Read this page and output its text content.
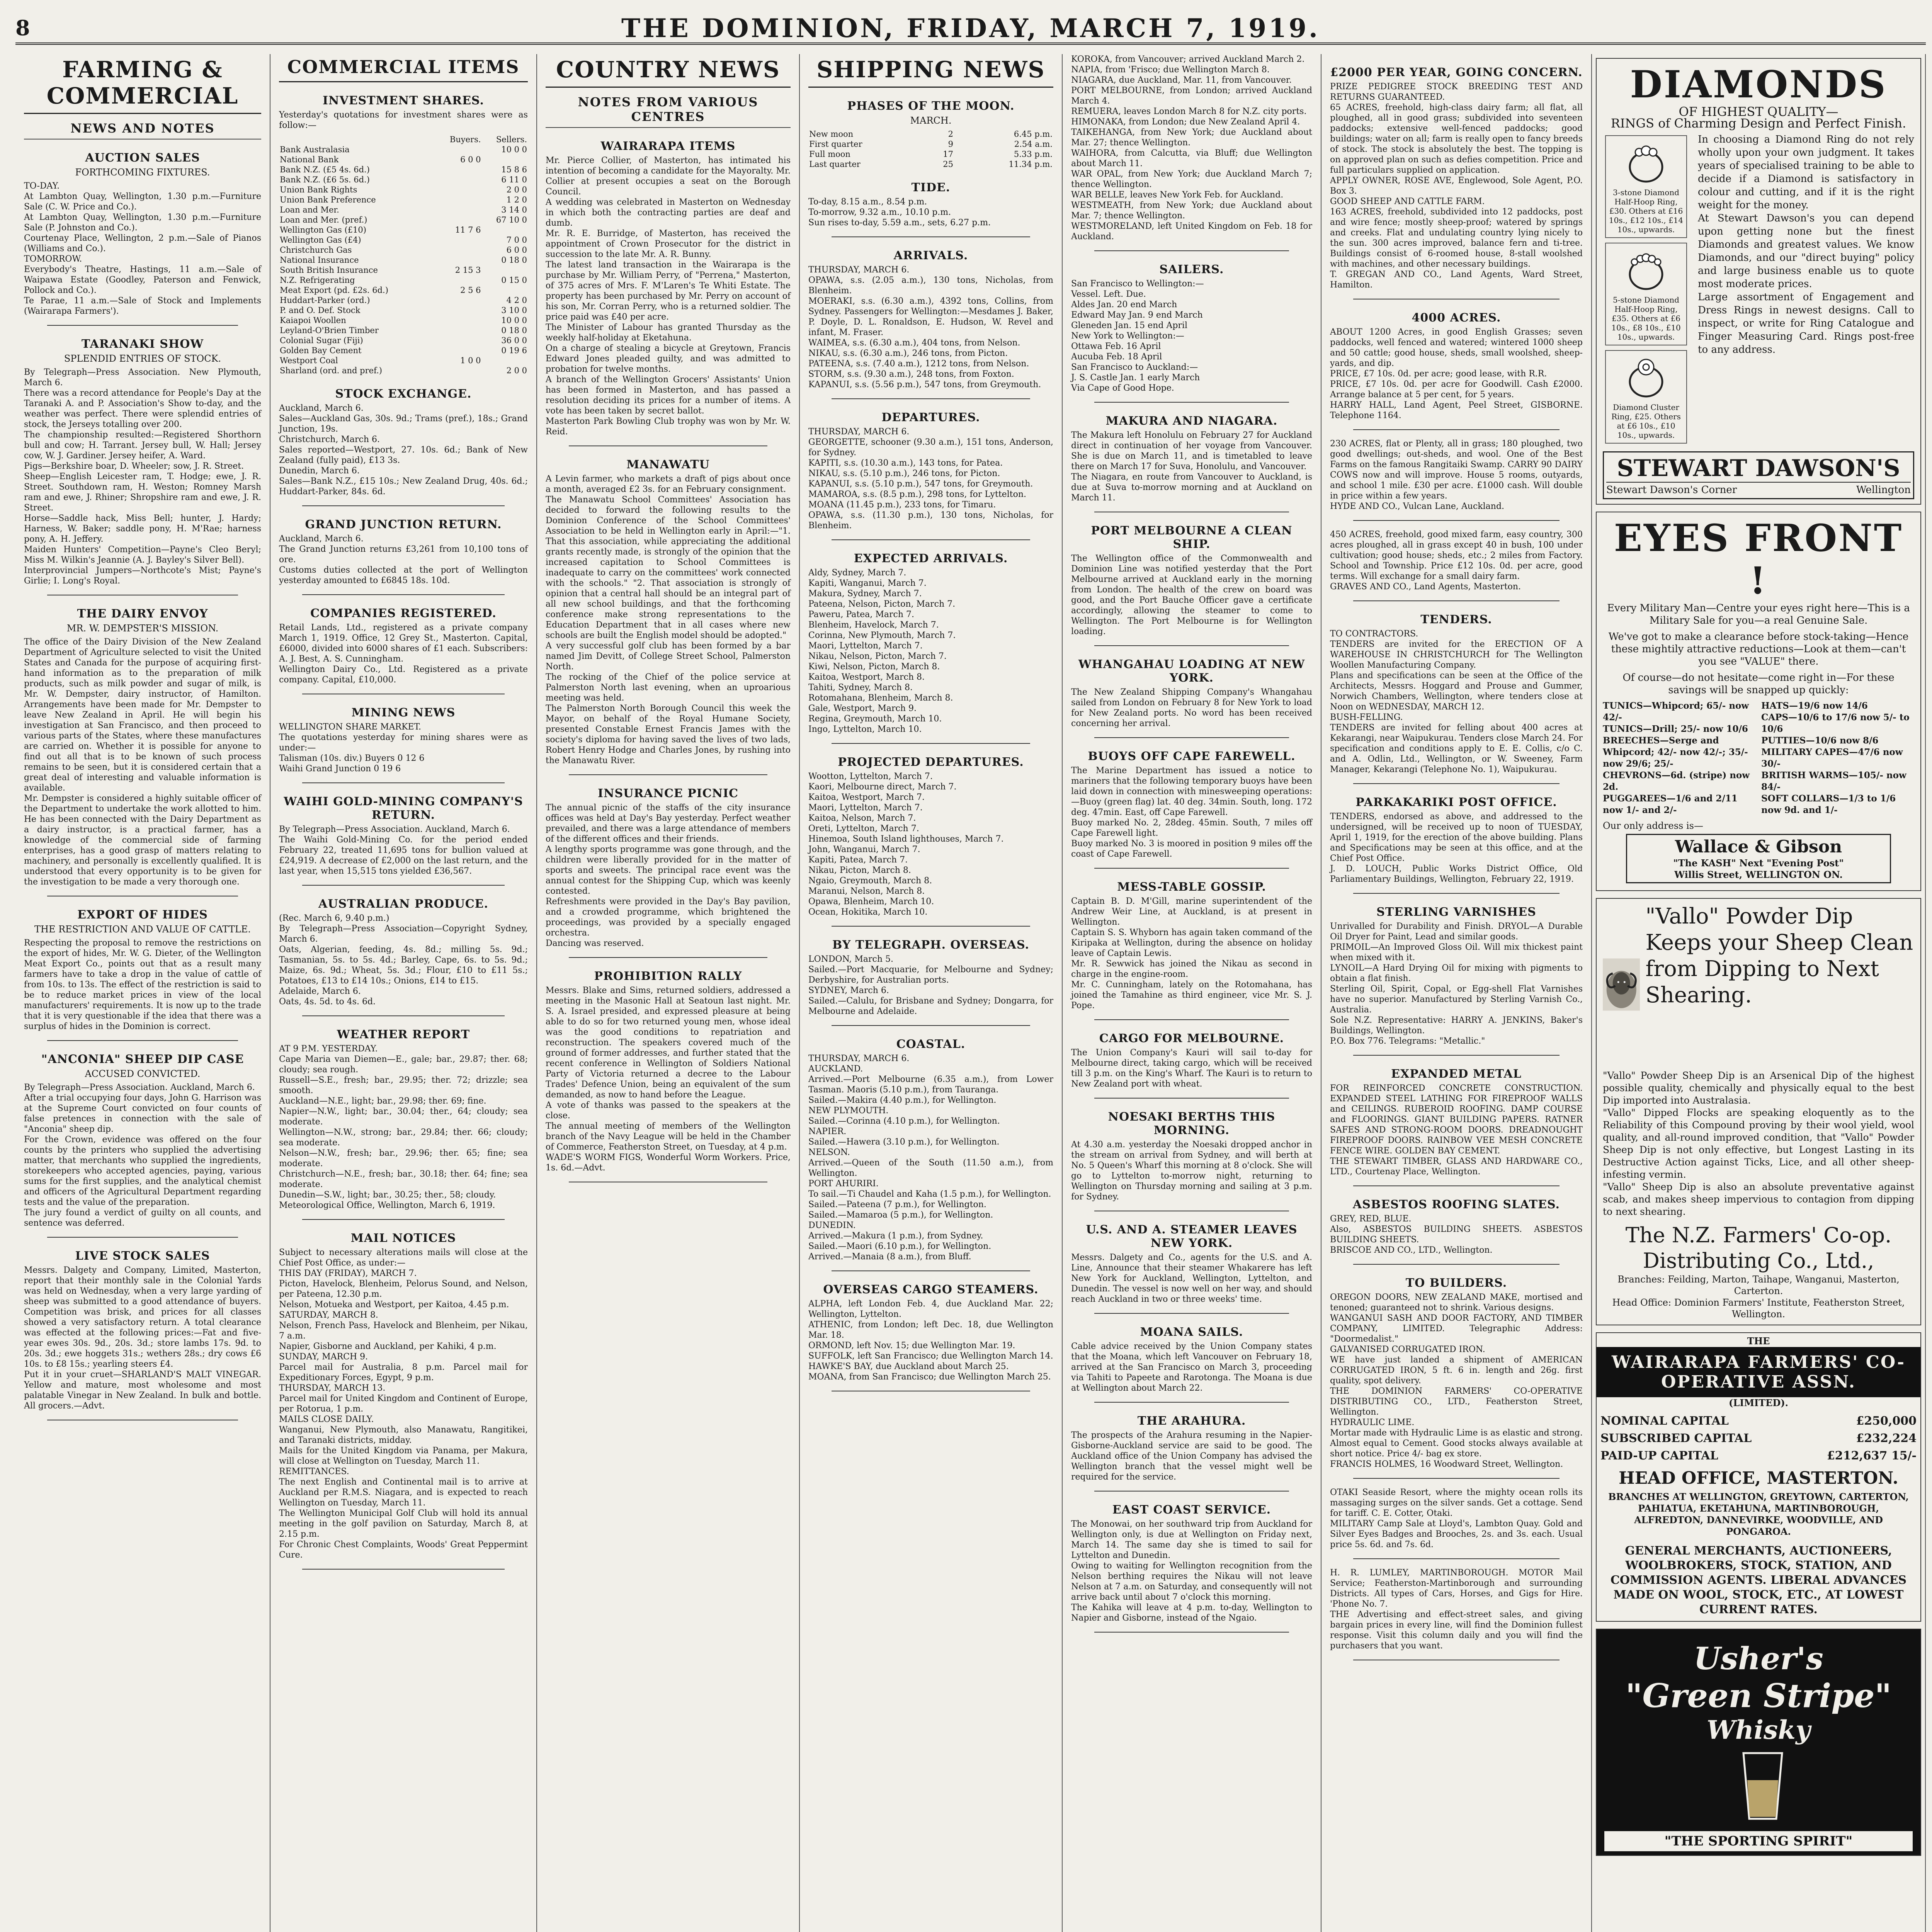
8	THE DOMINION, FRIDAY, MARCH 7, 1919.
FARMING & COMMERCIAL
NEWS AND NOTES
AUCTION SALES
FORTHCOMING FIXTURES.

TO-DAY.
At Lambton Quay, Wellington, 1.30 p.m.—Furniture Sale (C. W. Price and Co.).
At Lambton Quay, Wellington, 1.30 p.m.—Furniture Sale (P. Johnston and Co.).
Courtenay Place, Wellington, 2 p.m.—Sale of Pianos (Williams and Co.).
TOMORROW.
Everybody's Theatre, Hastings, 11 a.m.—Sale of Waipawa Estate (Goodley, Paterson and Fenwick, Pollock and Co.).
Te Parae, 11 a.m.—Sale of Stock and Implements (Wairarapa Farmers').

TARANAKI SHOW
SPLENDID ENTRIES OF STOCK.

By Telegraph—Press Association. New Plymouth, March 6.
There was a record attendance for People's Day at the Taranaki A. and P. Association's Show to-day, and the weather was perfect. There were splendid entries of stock, the Jerseys totalling over 200.
The championship resulted:—Registered Shorthorn bull and cow; H. Tarrant. Jersey bull, W. Hall; Jersey cow, W. J. Gardiner. Jersey heifer, A. Ward.
Pigs—Berkshire boar, D. Wheeler; sow, J. R. Street.
Sheep—English Leicester ram, T. Hodge; ewe, J. R. Street. Southdown ram, H. Weston; Romney Marsh ram and ewe, J. Rhiner; Shropshire ram and ewe, J. R. Street.
Horse—Saddle hack, Miss Bell; hunter, J. Hardy; Harness, W. Baker; saddle pony, H. M'Rae; harness pony, A. H. Jeffery.
Maiden Hunters' Competition—Payne's Cleo Beryl; Miss M. Wilkin's Jeannie (A. J. Bayley's Silver Bell).
Interprovincial Jumpers—Northcote's Mist; Payne's Girlie; I. Long's Royal.

THE DAIRY ENVOY
MR. W. DEMPSTER'S MISSION.

The office of the Dairy Division of the New Zealand Department of Agriculture selected to visit the United States and Canada for the purpose of acquiring first-hand information as to the preparation of milk products, such as milk powder and sugar of milk, is Mr. W. Dempster, dairy instructor, of Hamilton. Arrangements have been made for Mr. Dempster to leave New Zealand in April. He will begin his investigation at San Francisco, and then proceed to various parts of the States, where these manufactures are carried on. Whether it is possible for anyone to find out all that is to be known of such process remains to be seen, but it is considered certain that a great deal of interesting and valuable information is available.
Mr. Dempster is considered a highly suitable officer of the Department to undertake the work allotted to him. He has been connected with the Dairy Department as a dairy instructor, is a practical farmer, has a knowledge of the commercial side of farming enterprises, has a good grasp of matters relating to machinery, and personally is excellently qualified. It is understood that every opportunity is to be given for the investigation to be made a very thorough one.

EXPORT OF HIDES
THE RESTRICTION AND VALUE OF CATTLE.

Respecting the proposal to remove the restrictions on the export of hides, Mr. W. G. Dieter, of the Wellington Meat Export Co., points out that as a result many farmers have to take a drop in the value of cattle of from 10s. to 13s. The effect of the restriction is said to be to reduce market prices in view of the local manufacturers' requirements. It is now up to the trade that it is very questionable if the idea that there was a surplus of hides in the Dominion is correct.

"ANCONIA" SHEEP DIP CASE
ACCUSED CONVICTED.

By Telegraph—Press Association. Auckland, March 6.
After a trial occupying four days, John G. Harrison was at the Supreme Court convicted on four counts of false pretences in connection with the sale of "Anconia" sheep dip.
For the Crown, evidence was offered on the four counts by the printers who supplied the advertising matter, that merchants who supplied the ingredients, storekeepers who accepted agencies, paying, various sums for the first supplies, and the analytical chemist and officers of the Agricultural Department regarding tests and the value of the preparation.
The jury found a verdict of guilty on all counts, and sentence was deferred.

LIVE STOCK SALES

Messrs. Dalgety and Company, Limited, Masterton, report that their monthly sale in the Colonial Yards was held on Wednesday, when a very large yarding of sheep was submitted to a good attendance of buyers. Competition was brisk, and prices for all classes showed a very satisfactory return. A total clearance was effected at the following prices:—Fat and five-year ewes 30s. 9d., 20s. 3d.; store lambs 17s. 9d. to 20s. 3d.; ewe hoggets 31s.; wethers 28s.; dry cows £6 10s. to £8 15s.; yearling steers £4.
Put it in your cruet—SHARLAND'S MALT VINEGAR. Yellow and mature, most wholesome and most palatable Vinegar in New Zealand. In bulk and bottle. All grocers.—Advt.

COMMERCIAL ITEMS
INVESTMENT SHARES.

Yesterday's quotations for investment shares were as follow:—

	Buyers.	Sellers.
Bank Australasia		10 0 0
National Bank	6 0 0	
Bank N.Z. (£5 4s. 6d.)		15 8 6
Bank N.Z. (£6 5s. 6d.)		6 11 0
Union Bank Rights		2 0 0
Union Bank Preference		1 2 0
Loan and Mer.		3 14 0
Loan and Mer. (pref.)		67 10 0
Wellington Gas (£10)	11 7 6	
Wellington Gas (£4)		7 0 0
Christchurch Gas		6 0 0
National Insurance		0 18 0
South British Insurance	2 15 3	
N.Z. Refrigerating		0 15 0
Meat Export (pd. £2s. 6d.)	2 5 6	
Huddart-Parker (ord.)		4 2 0
P. and O. Def. Stock		3 10 0
Kaiapoi Woollen		10 0 0
Leyland-O'Brien Timber		0 18 0
Colonial Sugar (Fiji)		36 0 0
Golden Bay Cement		0 19 6
Westport Coal	1 0 0	
Sharland (ord. and pref.)		2 0 0
STOCK EXCHANGE.

Auckland, March 6.
Sales—Auckland Gas, 30s. 9d.; Trams (pref.), 18s.; Grand Junction, 19s.
Christchurch, March 6.
Sales reported—Westport, 27. 10s. 6d.; Bank of New Zealand (fully paid), £13 3s.
Dunedin, March 6.
Sales—Bank N.Z., £15 10s.; New Zealand Drug, 40s. 6d.; Huddart-Parker, 84s. 6d.

GRAND JUNCTION RETURN.

Auckland, March 6.
The Grand Junction returns £3,261 from 10,100 tons of ore.
Customs duties collected at the port of Wellington yesterday amounted to £6845 18s. 10d.

COMPANIES REGISTERED.

Retail Lands, Ltd., registered as a private company March 1, 1919. Office, 12 Grey St., Masterton. Capital, £6000, divided into 6000 shares of £1 each. Subscribers: A. J. Best, A. S. Cunningham.
Wellington Dairy Co., Ltd. Registered as a private company. Capital, £10,000.

MINING NEWS

WELLINGTON SHARE MARKET.
The quotations yesterday for mining shares were as under:—
Talisman (10s. div.) Buyers 0 12 6
Waihi Grand Junction 0 19 6

WAIHI GOLD-MINING COMPANY'S RETURN.

By Telegraph—Press Association. Auckland, March 6.
The Waihi Gold-Mining Co. for the period ended February 22, treated 11,695 tons for bullion valued at £24,919. A decrease of £2,000 on the last return, and the last year, when 15,515 tons yielded £36,567.

AUSTRALIAN PRODUCE.

(Rec. March 6, 9.40 p.m.)
By Telegraph—Press Association—Copyright Sydney, March 6.
Oats, Algerian, feeding, 4s. 8d.; milling 5s. 9d.; Tasmanian, 5s. to 5s. 4d.; Barley, Cape, 6s. to 5s. 9d.; Maize, 6s. 9d.; Wheat, 5s. 3d.; Flour, £10 to £11 5s.; Potatoes, £13 to £14 10s.; Onions, £14 to £15.
Adelaide, March 6.
Oats, 4s. 5d. to 4s. 6d.

WEATHER REPORT

AT 9 P.M. YESTERDAY.
Cape Maria van Diemen—E., gale; bar., 29.87; ther. 68; cloudy; sea rough.
Russell—S.E., fresh; bar., 29.95; ther. 72; drizzle; sea smooth.
Auckland—N.E., light; bar., 29.98; ther. 69; fine.
Napier—N.W., light; bar., 30.04; ther., 64; cloudy; sea moderate.
Wellington—N.W., strong; bar., 29.84; ther. 66; cloudy; sea moderate.
Nelson—N.W., fresh; bar., 29.96; ther. 65; fine; sea moderate.
Christchurch—N.E., fresh; bar., 30.18; ther. 64; fine; sea moderate.
Dunedin—S.W., light; bar., 30.25; ther., 58; cloudy.
Meteorological Office, Wellington, March 6, 1919.

MAIL NOTICES

Subject to necessary alterations mails will close at the Chief Post Office, as under:—
THIS DAY (FRIDAY), MARCH 7.
Picton, Havelock, Blenheim, Pelorus Sound, and Nelson, per Pateena, 12.30 p.m.
Nelson, Motueka and Westport, per Kaitoa, 4.45 p.m.
SATURDAY, MARCH 8.
Nelson, French Pass, Havelock and Blenheim, per Nikau, 7 a.m.
Napier, Gisborne and Auckland, per Kahiki, 4 p.m.
SUNDAY, MARCH 9.
Parcel mail for Australia, 8 p.m. Parcel mail for Expeditionary Forces, Egypt, 9 p.m.
THURSDAY, MARCH 13.
Parcel mail for United Kingdom and Continent of Europe, per Rotorua, 1 p.m.
MAILS CLOSE DAILY.
Wanganui, New Plymouth, also Manawatu, Rangitikei, and Taranaki districts, midday.
Mails for the United Kingdom via Panama, per Makura, will close at Wellington on Tuesday, March 11.
REMITTANCES.
The next English and Continental mail is to arrive at Auckland per R.M.S. Niagara, and is expected to reach Wellington on Tuesday, March 11.
The Wellington Municipal Golf Club will hold its annual meeting in the golf pavilion on Saturday, March 8, at 2.15 p.m.
For Chronic Chest Complaints, Woods' Great Peppermint Cure.

COUNTRY NEWS
NOTES FROM VARIOUS CENTRES
WAIRARAPA ITEMS

Mr. Pierce Collier, of Masterton, has intimated his intention of becoming a candidate for the Mayoralty. Mr. Collier at present occupies a seat on the Borough Council.
A wedding was celebrated in Masterton on Wednesday in which both the contracting parties are deaf and dumb.
Mr. R. E. Burridge, of Masterton, has received the appointment of Crown Prosecutor for the district in succession to the late Mr. A. R. Bunny.
The latest land transaction in the Wairarapa is the purchase by Mr. William Perry, of "Perrena," Masterton, of 375 acres of Mrs. F. M'Laren's Te Whiti Estate. The property has been purchased by Mr. Perry on account of his son, Mr. Corran Perry, who is a returned soldier. The price paid was £40 per acre.
The Minister of Labour has granted Thursday as the weekly half-holiday at Eketahuna.
On a charge of stealing a bicycle at Greytown, Francis Edward Jones pleaded guilty, and was admitted to probation for twelve months.
A branch of the Wellington Grocers' Assistants' Union has been formed in Masterton, and has passed a resolution deciding its prices for a number of items. A vote has been taken by secret ballot.
Masterton Park Bowling Club trophy was won by Mr. W. Reid.

MANAWATU

A Levin farmer, who markets a draft of pigs about once a month, averaged £2 3s. for an February consignment.
The Manawatu School Committees' Association has decided to forward the following results to the Dominion Conference of the School Committees' Association to be held in Wellington early in April:—"1. That this association, while appreciating the additional grants recently made, is strongly of the opinion that the increased capitation to School Committees is inadequate to carry on the committees' work connected with the schools." "2. That association is strongly of opinion that a central hall should be an integral part of all new school buildings, and that the forthcoming conference make strong representations to the Education Department that in all cases where new schools are built the English model should be adopted."
A very successful golf club has been formed by a bar named Jim Devitt, of College Street School, Palmerston North.
The rocking of the Chief of the police service at Palmerston North last evening, when an uproarious meeting was held.
The Palmerston North Borough Council this week the Mayor, on behalf of the Royal Humane Society, presented Constable Ernest Francis James with the society's diploma for having saved the lives of two lads, Robert Henry Hodge and Charles Jones, by rushing into the Manawatu River.

INSURANCE PICNIC

The annual picnic of the staffs of the city insurance offices was held at Day's Bay yesterday. Perfect weather prevailed, and there was a large attendance of members of the different offices and their friends.
A lengthy sports programme was gone through, and the children were liberally provided for in the matter of sports and sweets. The principal race event was the annual contest for the Shipping Cup, which was keenly contested.
Refreshments were provided in the Day's Bay pavilion, and a crowded programme, which brightened the proceedings, was provided by a specially engaged orchestra.
Dancing was reserved.

PROHIBITION RALLY

Messrs. Blake and Sims, returned soldiers, addressed a meeting in the Masonic Hall at Seatoun last night. Mr. S. A. Israel presided, and expressed pleasure at being able to do so for two returned young men, whose ideal was the good conditions to repatriation and reconstruction. The speakers covered much of the ground of former addresses, and further stated that the recent conference in Wellington of Soldiers National Party of Victoria returned a decree to the Labour Trades' Defence Union, being an equivalent of the sum demanded, as now to hand before the League.
A vote of thanks was passed to the speakers at the close.
The annual meeting of members of the Wellington branch of the Navy League will be held in the Chamber of Commerce, Featherston Street, on Tuesday, at 4 p.m.
WADE'S WORM FIGS, Wonderful Worm Workers. Price, 1s. 6d.—Advt.

SHIPPING NEWS
PHASES OF THE MOON.
MARCH.
New moon	2	6.45 p.m.
First quarter	9	2.54 a.m.
Full moon	17	5.33 p.m.
Last quarter	25	11.34 p.m.
TIDE.

To-day, 8.15 a.m., 8.54 p.m.
To-morrow, 9.32 a.m., 10.10 p.m.
Sun rises to-day, 5.59 a.m., sets, 6.27 p.m.

ARRIVALS.

THURSDAY, MARCH 6.
OPAWA, s.s. (2.05 a.m.), 130 tons, Nicholas, from Blenheim.
MOERAKI, s.s. (6.30 a.m.), 4392 tons, Collins, from Sydney. Passengers for Wellington:—Mesdames J. Baker, P. Doyle, D. L. Ronaldson, E. Hudson, W. Revel and infant, M. Fraser.
WAIMEA, s.s. (6.30 a.m.), 404 tons, from Nelson.
NIKAU, s.s. (6.30 a.m.), 246 tons, from Picton.
PATEENA, s.s. (7.40 a.m.), 1212 tons, from Nelson.
STORM, s.s. (9.30 a.m.), 248 tons, from Foxton.
KAPANUI, s.s. (5.56 p.m.), 547 tons, from Greymouth.

DEPARTURES.

THURSDAY, MARCH 6.
GEORGETTE, schooner (9.30 a.m.), 151 tons, Anderson, for Sydney.
KAPITI, s.s. (10.30 a.m.), 143 tons, for Patea.
NIKAU, s.s. (5.10 p.m.), 246 tons, for Picton.
KAPANUI, s.s. (5.10 p.m.), 547 tons, for Greymouth.
MAMAROA, s.s. (8.5 p.m.), 298 tons, for Lyttelton.
MOANA (11.45 p.m.), 233 tons, for Timaru.
OPAWA, s.s. (11.30 p.m.), 130 tons, Nicholas, for Blenheim.

EXPECTED ARRIVALS.

Aldy, Sydney, March 7.
Kapiti, Wanganui, March 7.
Makura, Sydney, March 7.
Pateena, Nelson, Picton, March 7.
Paweru, Patea, March 7.
Blenheim, Havelock, March 7.
Corinna, New Plymouth, March 7.
Maori, Lyttelton, March 7.
Nikau, Nelson, Picton, March 7.
Kiwi, Nelson, Picton, March 8.
Kaitoa, Westport, March 8.
Tahiti, Sydney, March 8.
Rotomahana, Blenheim, March 8.
Gale, Westport, March 9.
Regina, Greymouth, March 10.
Ingo, Lyttelton, March 10.

PROJECTED DEPARTURES.

Wootton, Lyttelton, March 7.
Kaori, Melbourne direct, March 7.
Kaitoa, Westport, March 7.
Maori, Lyttelton, March 7.
Kaitoa, Nelson, March 7.
Oreti, Lyttelton, March 7.
Hinemoa, South Island lighthouses, March 7.
John, Wanganui, March 7.
Kapiti, Patea, March 7.
Nikau, Picton, March 8.
Ngaio, Greymouth, March 8.
Maranui, Nelson, March 8.
Opawa, Blenheim, March 10.
Ocean, Hokitika, March 10.

BY TELEGRAPH. OVERSEAS.

LONDON, March 5.
Sailed.—Port Macquarie, for Melbourne and Sydney; Derbyshire, for Australian ports.
SYDNEY, March 6.
Sailed.—Calulu, for Brisbane and Sydney; Dongarra, for Melbourne and Adelaide.

COASTAL.

THURSDAY, MARCH 6.
AUCKLAND.
Arrived.—Port Melbourne (6.35 a.m.), from Lower Tasman. Maoris (5.10 p.m.), from Tauranga.
Sailed.—Makira (4.40 p.m.), for Wellington.
NEW PLYMOUTH.
Sailed.—Corinna (4.10 p.m.), for Wellington.
NAPIER.
Sailed.—Hawera (3.10 p.m.), for Wellington.
NELSON.
Arrived.—Queen of the South (11.50 a.m.), from Wellington.
PORT AHURIRI.
To sail.—Ti Chaudel and Kaha (1.5 p.m.), for Wellington.
Sailed.—Pateena (7 p.m.), for Wellington.
Sailed.—Mamaroa (5 p.m.), for Wellington.
DUNEDIN.
Arrived.—Makura (1 p.m.), from Sydney.
Sailed.—Maori (6.10 p.m.), for Wellington.
Arrived.—Manaia (8 a.m.), from Bluff.

OVERSEAS CARGO STEAMERS.

ALPHA, left London Feb. 4, due Auckland Mar. 22; Wellington, Lyttelton.
ATHENIC, from London; left Dec. 18, due Wellington Mar. 18.
ORMOND, left Nov. 15; due Wellington Mar. 19.
SUFFOLK, left San Francisco; due Wellington March 14.
HAWKE'S BAY, due Auckland about March 25.
MOANA, from San Francisco; due Wellington March 25.

KOROKA, from Vancouver; arrived Auckland March 2.
NAPIA, from 'Frisco; due Wellington March 8.
NIAGARA, due Auckland, Mar. 11, from Vancouver.
PORT MELBOURNE, from London; arrived Auckland March 4.
REMUERA, leaves London March 8 for N.Z. city ports.
HIMONAKA, from London; due New Zealand April 4.
TAIKEHANGA, from New York; due Auckland about Mar. 27; thence Wellington.
WAIHORA, from Calcutta, via Bluff; due Wellington about March 11.
WAR OPAL, from New York; due Auckland March 7; thence Wellington.
WAR BELLE, leaves New York Feb. for Auckland.
WESTMEATH, from New York; due Auckland about Mar. 7; thence Wellington.
WESTMORELAND, left United Kingdom on Feb. 18 for Auckland.

SAILERS.

San Francisco to Wellington:—
Vessel. Left. Due.
Aldes Jan. 20 end March
Edward May Jan. 9 end March
Gleneden Jan. 15 end April
New York to Wellington:—
Ottawa Feb. 16 April
Aucuba Feb. 18 April
San Francisco to Auckland:—
J. S. Castle Jan. 1 early March
Via Cape of Good Hope.

MAKURA AND NIAGARA.

The Makura left Honolulu on February 27 for Auckland direct in continuation of her voyage from Vancouver. She is due on March 11, and is timetabled to leave there on March 17 for Suva, Honolulu, and Vancouver.
The Niagara, en route from Vancouver to Auckland, is due at Suva to-morrow morning and at Auckland on March 11.

PORT MELBOURNE A CLEAN SHIP.

The Wellington office of the Commonwealth and Dominion Line was notified yesterday that the Port Melbourne arrived at Auckland early in the morning from London. The health of the crew on board was good, and the Port Bauche Officer gave a certificate accordingly, allowing the steamer to come to Wellington. The Port Melbourne is for Wellington loading.

WHANGAHAU LOADING AT NEW YORK.

The New Zealand Shipping Company's Whangahau sailed from London on February 8 for New York to load for New Zealand ports. No word has been received concerning her arrival.

BUOYS OFF CAPE FAREWELL.

The Marine Department has issued a notice to mariners that the following temporary buoys have been laid down in connection with minesweeping operations:—Buoy (green flag) lat. 40 deg. 34min. South, long. 172 deg. 47min. East, off Cape Farewell.
Buoy marked No. 2, 28deg. 45min. South, 7 miles off Cape Farewell light.
Buoy marked No. 3 is moored in position 9 miles off the coast of Cape Farewell.

MESS-TABLE GOSSIP.

Captain B. D. M'Gill, marine superintendent of the Andrew Weir Line, at Auckland, is at present in Wellington.
Captain S. S. Whyborn has again taken command of the Kiripaka at Wellington, during the absence on holiday leave of Captain Lewis.
Mr. R. Sewwick has joined the Nikau as second in charge in the engine-room.
Mr. C. Cunningham, lately on the Rotomahana, has joined the Tamahine as third engineer, vice Mr. S. J. Pope.

CARGO FOR MELBOURNE.

The Union Company's Kauri will sail to-day for Melbourne direct, taking cargo, which will be received till 3 p.m. on the King's Wharf. The Kauri is to return to New Zealand port with wheat.

NOESAKI BERTHS THIS MORNING.

At 4.30 a.m. yesterday the Noesaki dropped anchor in the stream on arrival from Sydney, and will berth at No. 5 Queen's Wharf this morning at 8 o'clock. She will go to Lyttelton to-morrow night, returning to Wellington on Thursday morning and sailing at 3 p.m. for Sydney.

U.S. AND A. STEAMER LEAVES NEW YORK.

Messrs. Dalgety and Co., agents for the U.S. and A. Line, Announce that their steamer Whakarere has left New York for Auckland, Wellington, Lyttelton, and Dunedin. The vessel is now well on her way, and should reach Auckland in two or three weeks' time.

MOANA SAILS.

Cable advice received by the Union Company states that the Moana, which left Vancouver on February 18, arrived at the San Francisco on March 3, proceeding via Tahiti to Papeete and Rarotonga. The Moana is due at Wellington about March 22.

THE ARAHURA.

The prospects of the Arahura resuming in the Napier-Gisborne-Auckland service are said to be good. The Auckland office of the Union Company has advised the Wellington branch that the vessel might well be required for the service.

EAST COAST SERVICE.

The Monowai, on her southward trip from Auckland for Wellington only, is due at Wellington on Friday next, March 14. The same day she is timed to sail for Lyttelton and Dunedin.
Owing to waiting for Wellington recognition from the Nelson berthing requires the Nikau will not leave Nelson at 7 a.m. on Saturday, and consequently will not arrive back until about 7 o'clock this morning.
The Kahika will leave at 4 p.m. to-day, Wellington to Napier and Gisborne, instead of the Ngaio.

£2000 PER YEAR, GOING CONCERN.

PRIZE PEDIGREE STOCK BREEDING TEST AND RETURNS GUARANTEED.
65 ACRES, freehold, high-class dairy farm; all flat, all ploughed, all in good grass; subdivided into seventeen paddocks; extensive well-fenced paddocks; good buildings; water on all; farm is really open to fancy breeds of stock. The stock is absolutely the best. The topping is on approved plan on such as defies competition. Price and full particulars supplied on application.
APPLY OWNER, ROSE AVE, Englewood, Sole Agent, P.O. Box 3.
GOOD SHEEP AND CATTLE FARM.
163 ACRES, freehold, subdivided into 12 paddocks, post and wire fence; mostly sheep-proof; watered by springs and creeks. Flat and undulating country lying nicely to the sun. 300 acres improved, balance fern and ti-tree. Buildings consist of 6-roomed house, 8-stall woolshed with machines, and other necessary buildings.
T. GREGAN AND CO., Land Agents, Ward Street, Hamilton.

4000 ACRES.

ABOUT 1200 Acres, in good English Grasses; seven paddocks, well fenced and watered; wintered 1000 sheep and 50 cattle; good house, sheds, small woolshed, sheep-yards, and dip.
PRICE, £7 10s. 0d. per acre; good lease, with R.R.
PRICE, £7 10s. 0d. per acre for Goodwill. Cash £2000. Arrange balance at 5 per cent, for 5 years.
HARRY HALL, Land Agent, Peel Street, GISBORNE. Telephone 1164.

230 ACRES, flat or Plenty, all in grass; 180 ploughed, two good dwellings; out-sheds, and wool. One of the Best Farms on the famous Rangitaiki Swamp. CARRY 90 DAIRY COWS now and will improve. House 5 rooms, outyards, and school 1 mile. £30 per acre. £1000 cash. Will double in price within a few years.
HYDE AND CO., Vulcan Lane, Auckland.

450 ACRES, freehold, good mixed farm, easy country, 300 acres ploughed, all in grass except 40 in bush, 100 under cultivation; good house; sheds, etc.; 2 miles from Factory. School and Township. Price £12 10s. 0d. per acre, good terms. Will exchange for a small dairy farm.
GRAVES AND CO., Land Agents, Masterton.

TENDERS.

TO CONTRACTORS.
TENDERS are invited for the ERECTION OF A WAREHOUSE IN CHRISTCHURCH for The Wellington Woollen Manufacturing Company.
Plans and specifications can be seen at the Office of the Architects, Messrs. Hoggard and Prouse and Gummer, Norwich Chambers, Wellington, where tenders close at Noon on WEDNESDAY, MARCH 12.
BUSH-FELLING.
TENDERS are invited for felling about 400 acres at Kekarangi, near Waipukurau. Tenders close March 24. For specification and conditions apply to E. E. Collis, c/o C. and A. Odlin, Ltd., Wellington, or W. Sweeney, Farm Manager, Kekarangi (Telephone No. 1), Waipukurau.

PARKAKARIKI POST OFFICE.

TENDERS, endorsed as above, and addressed to the undersigned, will be received up to noon of TUESDAY, April 1, 1919, for the erection of the above building. Plans and Specifications may be seen at this office, and at the Chief Post Office.
J. D. LOUCH, Public Works District Office, Old Parliamentary Buildings, Wellington, February 22, 1919.

STERLING VARNISHES

Unrivalled for Durability and Finish. DRYOL—A Durable Oil Dryer for Paint, Lead and similar goods.
PRIMOIL—An Improved Gloss Oil. Will mix thickest paint when mixed with it.
LYNOIL—A Hard Drying Oil for mixing with pigments to obtain a flat finish.
Sterling Oil, Spirit, Copal, or Egg-shell Flat Varnishes have no superior. Manufactured by Sterling Varnish Co., Australia.
Sole N.Z. Representative: HARRY A. JENKINS, Baker's Buildings, Wellington.
P.O. Box 776. Telegrams: "Metallic."

EXPANDED METAL

FOR REINFORCED CONCRETE CONSTRUCTION. EXPANDED STEEL LATHING FOR FIREPROOF WALLS and CEILINGS. RUBEROID ROOFING. DAMP COURSE and FLOORINGS. GIANT BUILDING PAPERS. RATNER SAFES AND STRONG-ROOM DOORS. DREADNOUGHT FIREPROOF DOORS. RAINBOW VEE MESH CONCRETE FENCE WIRE. GOLDEN BAY CEMENT.
THE STEWART TIMBER, GLASS AND HARDWARE CO., LTD., Courtenay Place, Wellington.

ASBESTOS ROOFING SLATES.

GREY, RED, BLUE.
Also, ASBESTOS BUILDING SHEETS. ASBESTOS BUILDING SHEETS.
BRISCOE AND CO., LTD., Wellington.

TO BUILDERS.

OREGON DOORS, NEW ZEALAND MAKE, mortised and tenoned; guaranteed not to shrink. Various designs.
WANGANUI SASH AND DOOR FACTORY, AND TIMBER COMPANY, LIMITED. Telegraphic Address: "Doormedalist."
GALVANISED CORRUGATED IRON.
WE have just landed a shipment of AMERICAN CORRUGATED IRON, 5 ft. 6 in. length and 26g. first quality, spot delivery.
THE DOMINION FARMERS' CO-OPERATIVE DISTRIBUTING CO., LTD., Featherston Street, Wellington.
HYDRAULIC LIME.
Mortar made with Hydraulic Lime is as elastic and strong. Almost equal to Cement. Good stocks always available at short notice. Price 4/- bag ex store.
FRANCIS HOLMES, 16 Woodward Street, Wellington.

OTAKI Seaside Resort, where the mighty ocean rolls its massaging surges on the silver sands. Get a cottage. Send for tariff. C. E. Cotter, Otaki.
MILITARY Camp Sale at Lloyd's, Lambton Quay. Gold and Silver Eyes Badges and Brooches, 2s. and 3s. each. Usual price 5s. 6d. and 7s. 6d.

H. R. LUMLEY, MARTINBOROUGH. MOTOR Mail Service; Featherston-Martinborough and surrounding Districts. All types of Cars, Horses, and Gigs for Hire. 'Phone No. 7.
THE Advertising and effect-street sales, and giving bargain prices in every line, will find the Dominion fullest response. Visit this column daily and you will find the purchasers that you want.

DIAMONDS
OF HIGHEST QUALITY—
RINGS of Charming Design and Perfect Finish.
3-stone Diamond Half-Hoop Ring, £30. Others at £16 10s., £12 10s., £14 10s., upwards.
5-stone Diamond Half-Hoop Ring, £35. Others at £6 10s., £8 10s., £10 10s., upwards.
Diamond Cluster Ring, £25. Others at £6 10s., £10 10s., upwards.
In choosing a Diamond Ring do not rely wholly upon your own judgment. It takes years of specialised training to be able to decide if a Diamond is satisfactory in colour and cutting, and if it is the right weight for the money.
At Stewart Dawson's you can depend upon getting none but the finest Diamonds and greatest values. We know Diamonds, and our "direct buying" policy and large business enable us to quote most moderate prices.
Large assortment of Engagement and Dress Rings in newest designs. Call to inspect, or write for Ring Catalogue and Finger Measuring Card. Rings post-free to any address.
STEWART DAWSON'S
Stewart Dawson's Corner	Wellington
EYES FRONT !
Every Military Man—Centre your eyes right here—This is a Military Sale for you—a real Genuine Sale.
We've got to make a clearance before stock-taking—Hence these mightily attractive reductions—Look at them—can't you see "VALUE" there.
Of course—do not hesitate—come right in—For these savings will be snapped up quickly:
TUNICS—Whipcord; 65/- now 42/-
TUNICS—Drill; 25/- now 10/6
BREECHES—Serge and Whipcord; 42/- now 42/-; 35/- now 29/6; 25/-
CHEVRONS—6d. (stripe) now 2d.
PUGGAREES—1/6 and 2/11 now 1/- and 2/-
HATS—19/6 now 14/6
CAPS—10/6 to 17/6 now 5/- to 10/6
PUTTIES—10/6 now 8/6
MILITARY CAPES—47/6 now 30/-
BRITISH WARMS—105/- now 84/-
SOFT COLLARS—1/3 to 1/6 now 9d. and 1/-
Our only address is—
Wallace & Gibson
"The KASH" Next "Evening Post"
Willis Street, WELLINGTON ON.
"Vallo" Powder Dip Keeps your Sheep Clean from Dipping to Next Shearing.
"Vallo" Powder Sheep Dip is an Arsenical Dip of the highest possible quality, chemically and physically equal to the best Dip imported into Australasia.
"Vallo" Dipped Flocks are speaking eloquently as to the Reliability of this Compound proving by their wool yield, wool quality, and all-round improved condition, that "Vallo" Powder Sheep Dip is not only effective, but Longest Lasting in its Destructive Action against Ticks, Lice, and all other sheep-infesting vermin.
"Vallo" Sheep Dip is also an absolute preventative against scab, and makes sheep impervious to contagion from dipping to next shearing.
The N.Z. Farmers' Co-op. Distributing Co., Ltd.,
Branches: Feilding, Marton, Taihape, Wanganui, Masterton, Carterton.
Head Office: Dominion Farmers' Institute, Featherston Street, Wellington.
THE
WAIRARAPA FARMERS' CO-OPERATIVE ASSN.
(LIMITED).
NOMINAL CAPITAL	£250,000
SUBSCRIBED CAPITAL	£232,224
PAID-UP CAPITAL	£212,637 15/-
HEAD OFFICE, MASTERTON.
BRANCHES AT WELLINGTON, GREYTOWN, CARTERTON, PAHIATUA, EKETAHUNA, MARTINBOROUGH, ALFREDTON, DANNEVIRKE, WOODVILLE, AND PONGAROA.
GENERAL MERCHANTS, AUCTIONEERS, WOOLBROKERS, STOCK, STATION, AND COMMISSION AGENTS. LIBERAL ADVANCES MADE ON WOOL, STOCK, ETC., AT LOWEST CURRENT RATES.
Usher's
"Green Stripe"
Whisky
"THE SPORTING SPIRIT"
